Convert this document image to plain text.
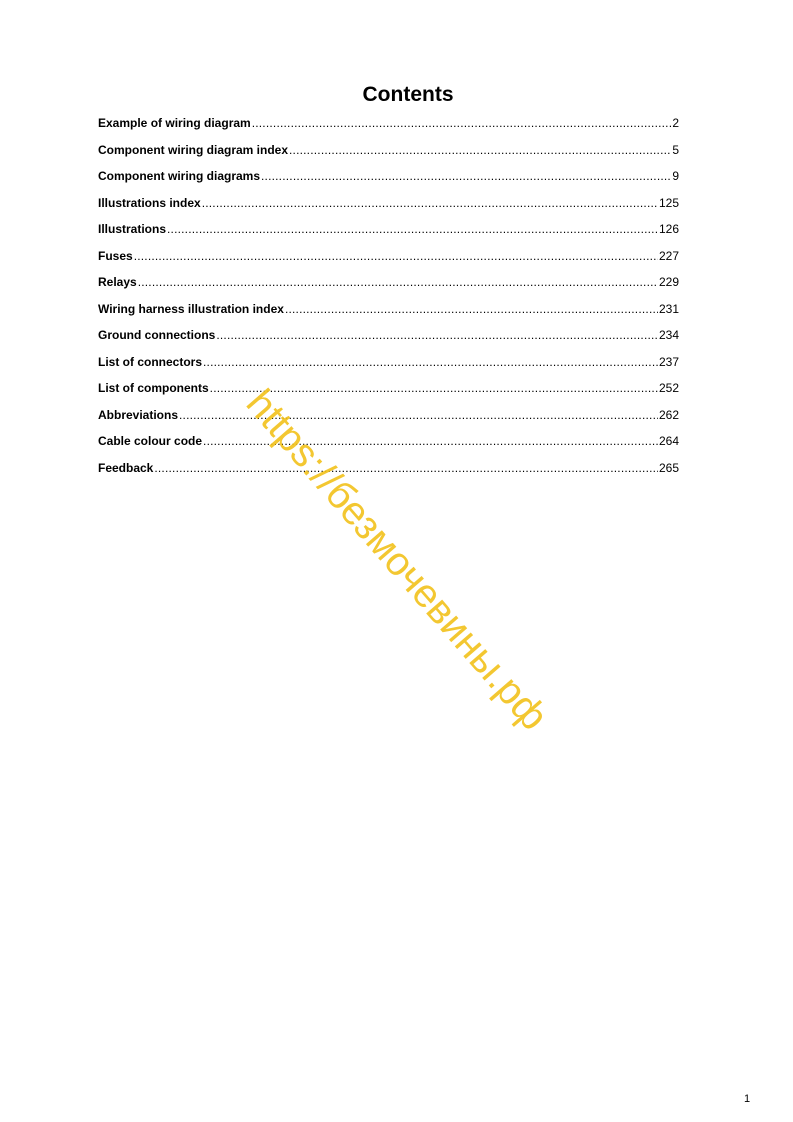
Contents
Example of wiring diagram .....	2
Component wiring diagram index .....	5
Component wiring diagrams .....	9
Illustrations index .....	125
Illustrations .....	126
Fuses .....	227
Relays .....	229
Wiring harness illustration index .....	231
Ground connections .....	234
List of connectors .....	237
List of components .....	252
Abbreviations .....	262
Cable colour code .....	264
Feedback .....	265
https://безмочевины.рф
1
